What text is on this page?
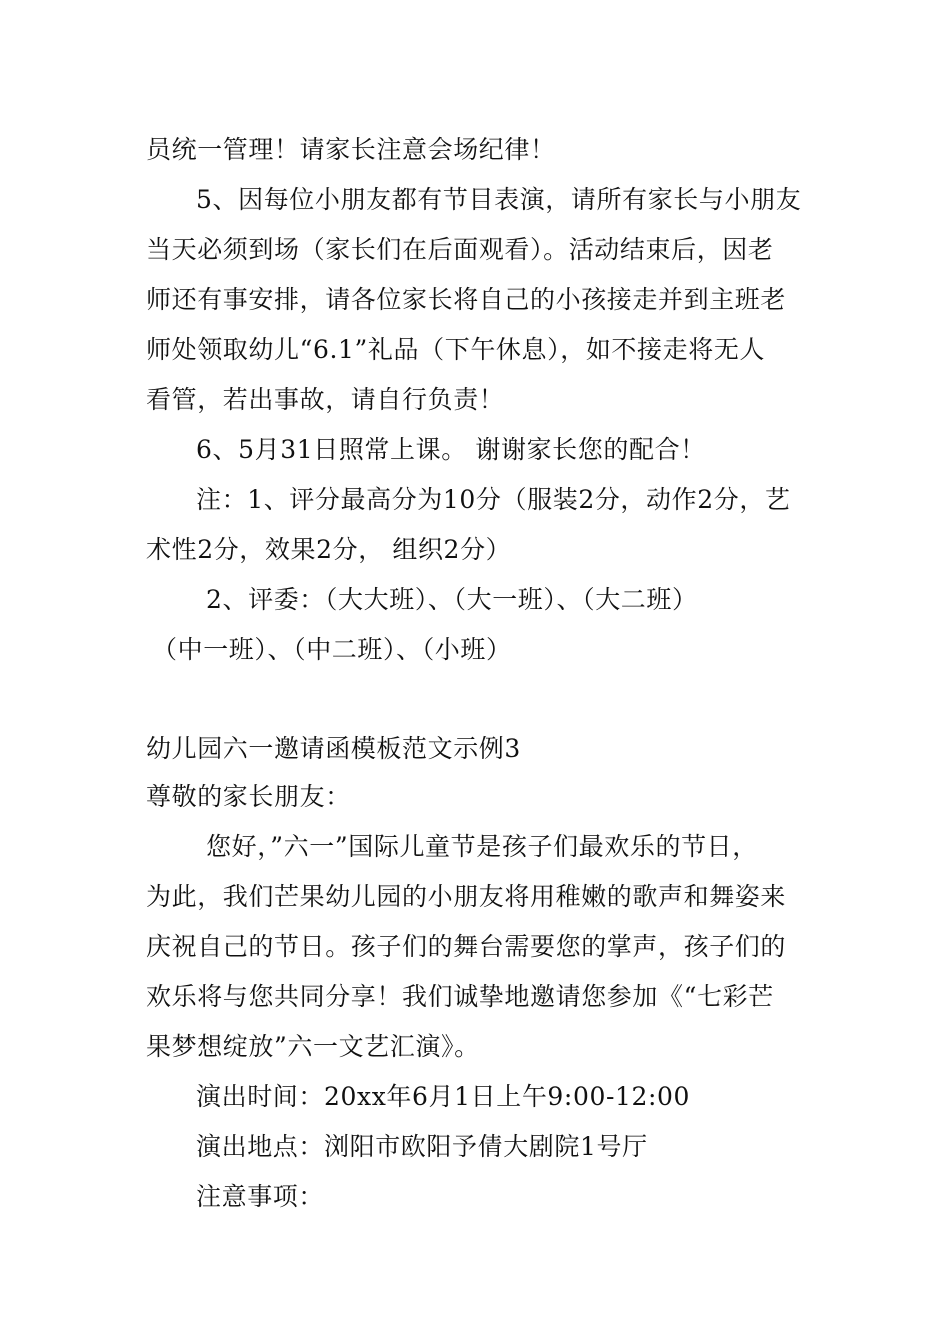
员统一管理！请家长注意会场纪律！
5、因每位小朋友都有节目表演，请所有家长与小朋友
当天必须到场（家长们在后面观看）。活动结束后，因老
师还有事安排，请各位家长将自己的小孩接走并到主班老
师处领取幼儿“6.1”礼品（下午休息），如不接走将无人
看管，若出事故，请自行负责！
6、5月31日照常上课。 谢谢家长您的配合！
注：1、评分最高分为10分（服装2分，动作2分，艺
术性2分，效果2分， 组织2分）
2、评委：（大大班）、（大一班）、（大二班）
（中一班）、（中二班）、（小班）
幼儿园六一邀请函模板范文示例3
尊敬的家长朋友：
您好，”六一”国际儿童节是孩子们最欢乐的节日，
为此，我们芒果幼儿园的小朋友将用稚嫩的歌声和舞姿来
庆祝自己的节日。孩子们的舞台需要您的掌声，孩子们的
欢乐将与您共同分享！我们诚挚地邀请您参加《“七彩芒
果梦想绽放”六一文艺汇演》。
演出时间：20xx年6月1日上午9:00-12:00
演出地点：浏阳市欧阳予倩大剧院1号厅
注意事项：
